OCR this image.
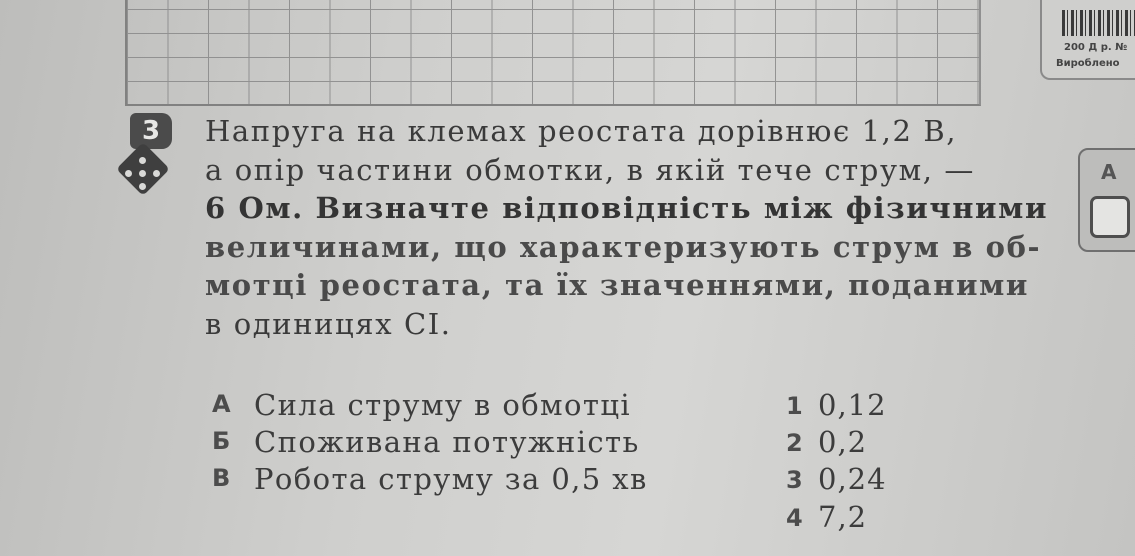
200 Д р. №
Вироблено
А
3	Напруга на клемах реостата дорівнює 1,2 В,
а опір частини обмотки, в якій тече струм, —
6 Ом. Визначте відповідність між фізичними
величинами, що характеризують струм в об-
мотці реостата, та їх значеннями, поданими
в одиницях СІ.
А Сила струму в обмотці
Б Споживана потужність
В Робота струму за 0,5 хв
1 0,12
2 0,2
3 0,24
4 7,2
